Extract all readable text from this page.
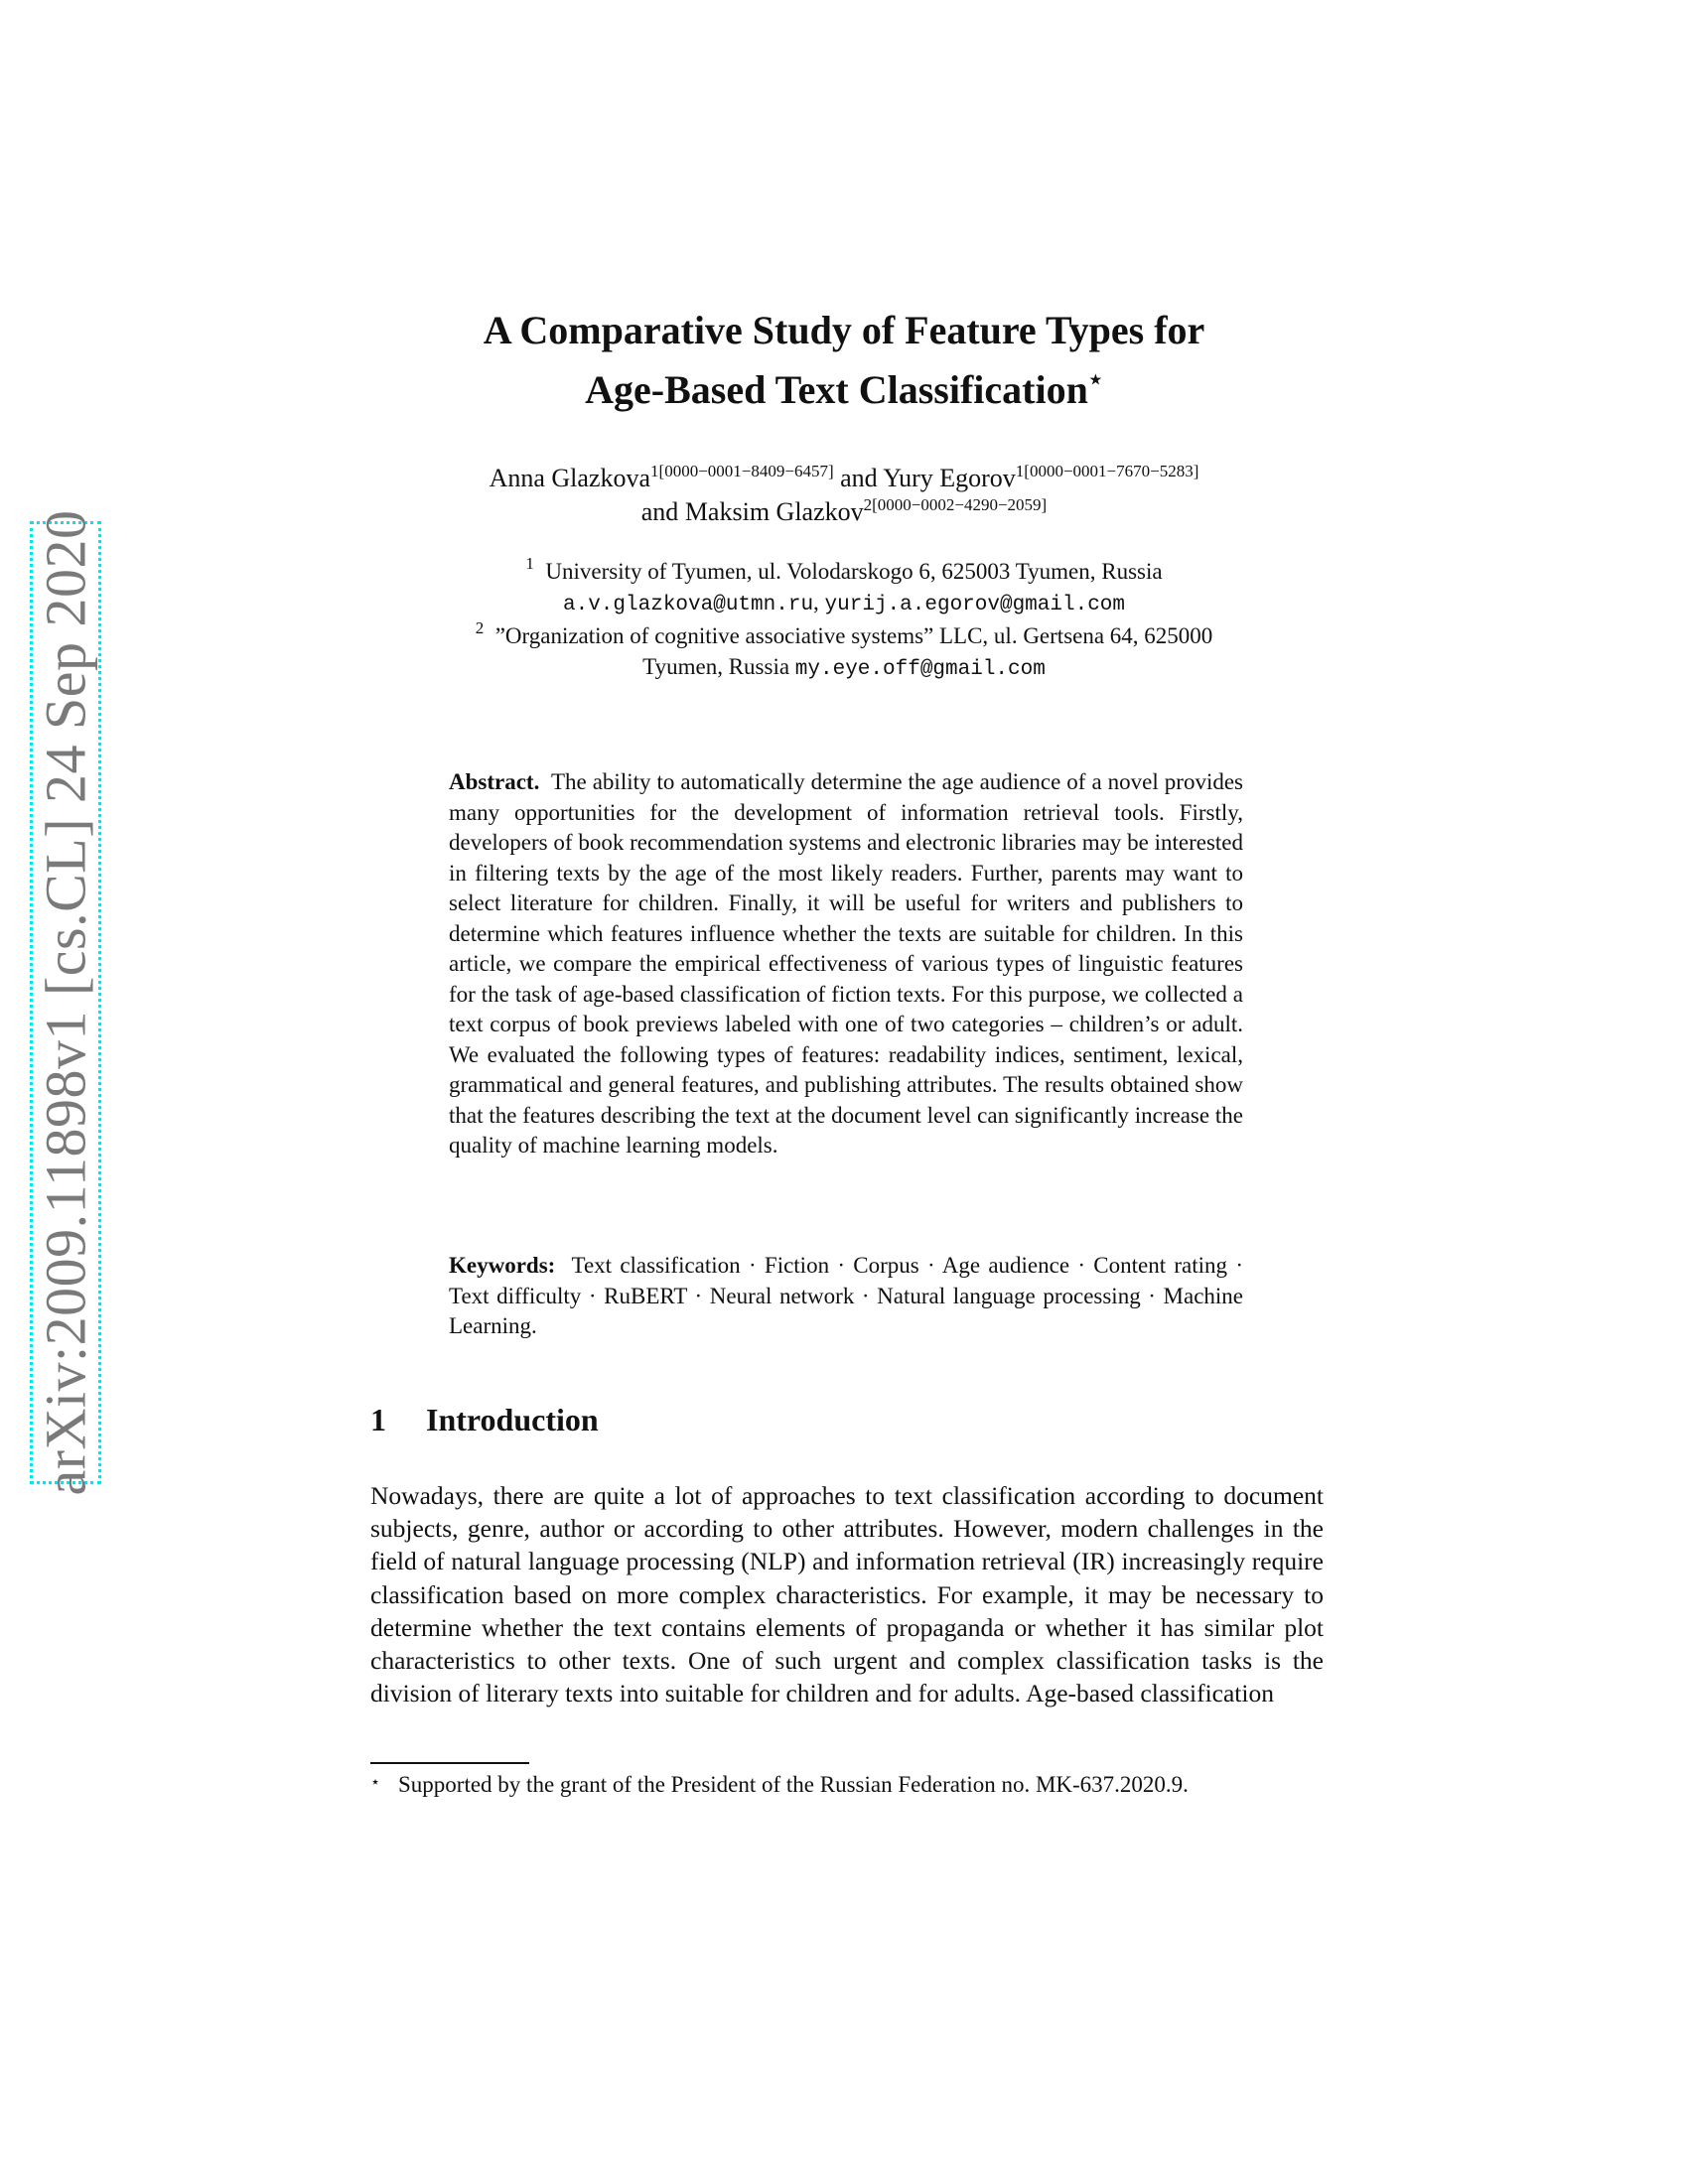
arXiv:2009.11898v1 [cs.CL] 24 Sep 2020
A Comparative Study of Feature Types for
Age-Based Text Classification⋆
Anna Glazkova$^{1[0000-0001-8409-6457]}$ and Yury Egorov$^{1[0000-0001-7670-5283]}$
and Maksim Glazkov$^{2[0000-0002-4290-2059]}$
$^1$ University of Tyumen, ul. Volodarskogo 6, 625003 Tyumen, Russia
a.v.glazkova@utmn.ru, yurij.a.egorov@gmail.com
$^2$ ”Organization of cognitive associative systems” LLC, ul. Gertsena 64, 625000
Tyumen, Russia my.eye.off@gmail.com
Abstract. The ability to automatically determine the age audience of a novel provides many opportunities for the development of information retrieval tools. Firstly, developers of book recommendation systems and electronic libraries may be interested in filtering texts by the age of the most likely readers. Further, parents may want to select literature for children. Finally, it will be useful for writers and publishers to determine which features influence whether the texts are suitable for children. In this article, we compare the empirical effectiveness of various types of linguistic features for the task of age-based classification of fiction texts. For this purpose, we collected a text corpus of book previews labeled with one of two categories – children’s or adult. We evaluated the following types of features: readability indices, sentiment, lexical, grammatical and general features, and publishing attributes. The results obtained show that the features describing the text at the document level can significantly increase the quality of machine learning models.
Keywords: Text classification · Fiction · Corpus · Age audience · Content rating · Text difficulty · RuBERT · Neural network · Natural language processing · Machine Learning.
1 Introduction
Nowadays, there are quite a lot of approaches to text classification according to document subjects, genre, author or according to other attributes. However, modern challenges in the field of natural language processing (NLP) and information retrieval (IR) increasingly require classification based on more complex characteristics. For example, it may be necessary to determine whether the text contains elements of propaganda or whether it has similar plot characteristics to other texts. One of such urgent and complex classification tasks is the division of literary texts into suitable for children and for adults. Age-based classification
⋆ Supported by the grant of the President of the Russian Federation no. MK-637.2020.9.
